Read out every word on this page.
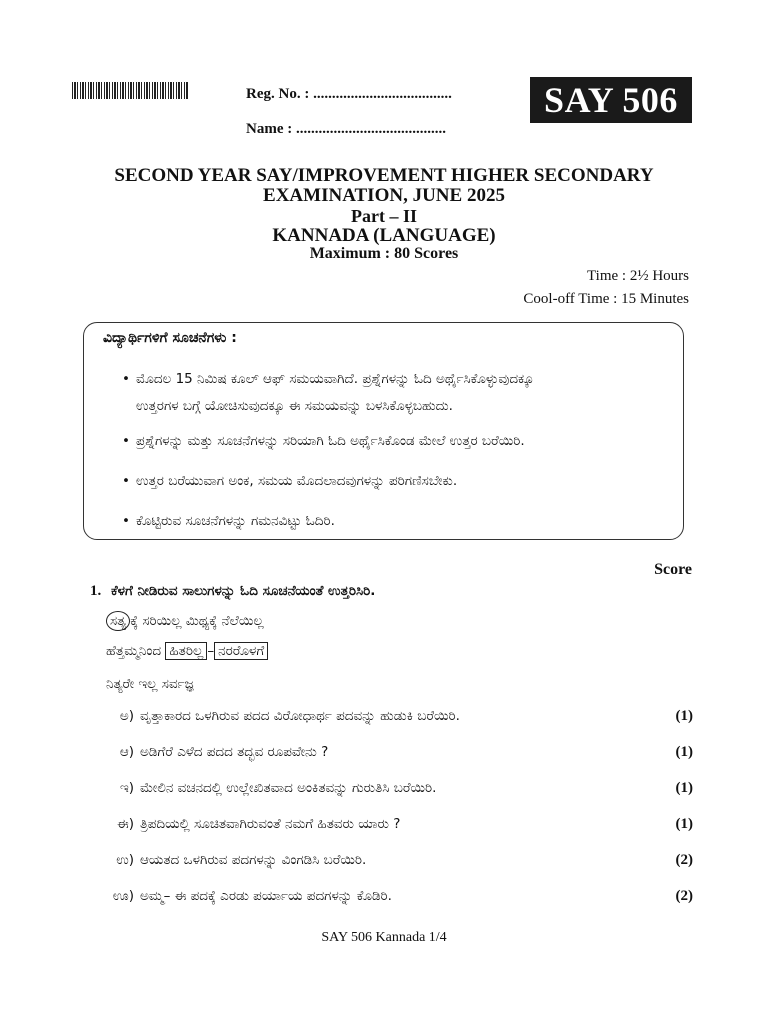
Reg. No. : .....................................
Name : ........................................
SAY 506
SECOND YEAR SAY/IMPROVEMENT HIGHER SECONDARY
EXAMINATION, JUNE 2025
Part – II
KANNADA (LANGUAGE)
Maximum : 80 Scores
Time : 2½ Hours
Cool-off Time : 15 Minutes
ವಿದ್ಯಾರ್ಥಿಗಳಿಗೆ ಸೂಚನೆಗಳು :
• ಮೊದಲ 15 ನಿಮಿಷ ಕೂಲ್ ಆಫ್ ಸಮಯವಾಗಿದೆ. ಪ್ರಶ್ನೆಗಳನ್ನು ಓದಿ ಅರ್ಥೈಸಿಕೊಳ್ಳುವುದಕ್ಕೂ
ಉತ್ತರಗಳ ಬಗ್ಗೆ ಯೋಚಿಸುವುದಕ್ಕೂ ಈ ಸಮಯವನ್ನು ಬಳಸಿಕೊಳ್ಳಬಹುದು.
• ಪ್ರಶ್ನೆಗಳನ್ನು ಮತ್ತು ಸೂಚನೆಗಳನ್ನು ಸರಿಯಾಗಿ ಓದಿ ಅರ್ಥೈಸಿಕೊಂಡ ಮೇಲೆ ಉತ್ತರ ಬರೆಯಿರಿ.
• ಉತ್ತರ ಬರೆಯುವಾಗ ಅಂಕ, ಸಮಯ ಮೊದಲಾದವುಗಳನ್ನು ಪರಿಗಣಿಸಬೇಕು.
• ಕೊಟ್ಟಿರುವ ಸೂಚನೆಗಳನ್ನು ಗಮನವಿಟ್ಟು ಓದಿರಿ.
Score
1. ಕೆಳಗೆ ನೀಡಿರುವ ಸಾಲುಗಳನ್ನು ಓದಿ ಸೂಚನೆಯಂತೆ ಉತ್ತರಿಸಿರಿ.
ಸತ್ಯ ಕ್ಕೆ ಸರಿಯಿಲ್ಲ ಮಿಥ್ಯಕ್ಕೆ ನೆಲೆಯಿಲ್ಲ
ಹೆತ್ತಮ್ಮನಿಂದ ಹಿತರಿಲ್ಲ – ನರರೊಳಗೆ
ನಿತ್ಯರೇ ಇಲ್ಲ ಸರ್ವಜ್ಞ
ಅ) ವೃತ್ತಾಕಾರದ ಒಳಗಿರುವ ಪದದ ವಿರೋಧಾರ್ಥ ಪದವನ್ನು ಹುಡುಕಿ ಬರೆಯಿರಿ.	(1)
ಆ) ಅಡಿಗೆರೆ ಎಳೆದ ಪದದ ತದ್ಭವ ರೂಪವೇನು ?	(1)
ಇ) ಮೇಲಿನ ವಚನದಲ್ಲಿ ಉಲ್ಲೇಖಿತವಾದ ಅಂಕಿತವನ್ನು ಗುರುತಿಸಿ ಬರೆಯಿರಿ.	(1)
ಈ) ತ್ರಿಪದಿಯಲ್ಲಿ ಸೂಚಿತವಾಗಿರುವಂತೆ ನಮಗೆ ಹಿತವರು ಯಾರು ?	(1)
ಉ) ಆಯತದ ಒಳಗಿರುವ ಪದಗಳನ್ನು ವಿಂಗಡಿಸಿ ಬರೆಯಿರಿ.	(2)
ಊ) ಅಮ್ಮ– ಈ ಪದಕ್ಕೆ ಎರಡು ಪರ್ಯಾಯ ಪದಗಳನ್ನು ಕೊಡಿರಿ.	(2)
SAY 506 Kannada 1/4
